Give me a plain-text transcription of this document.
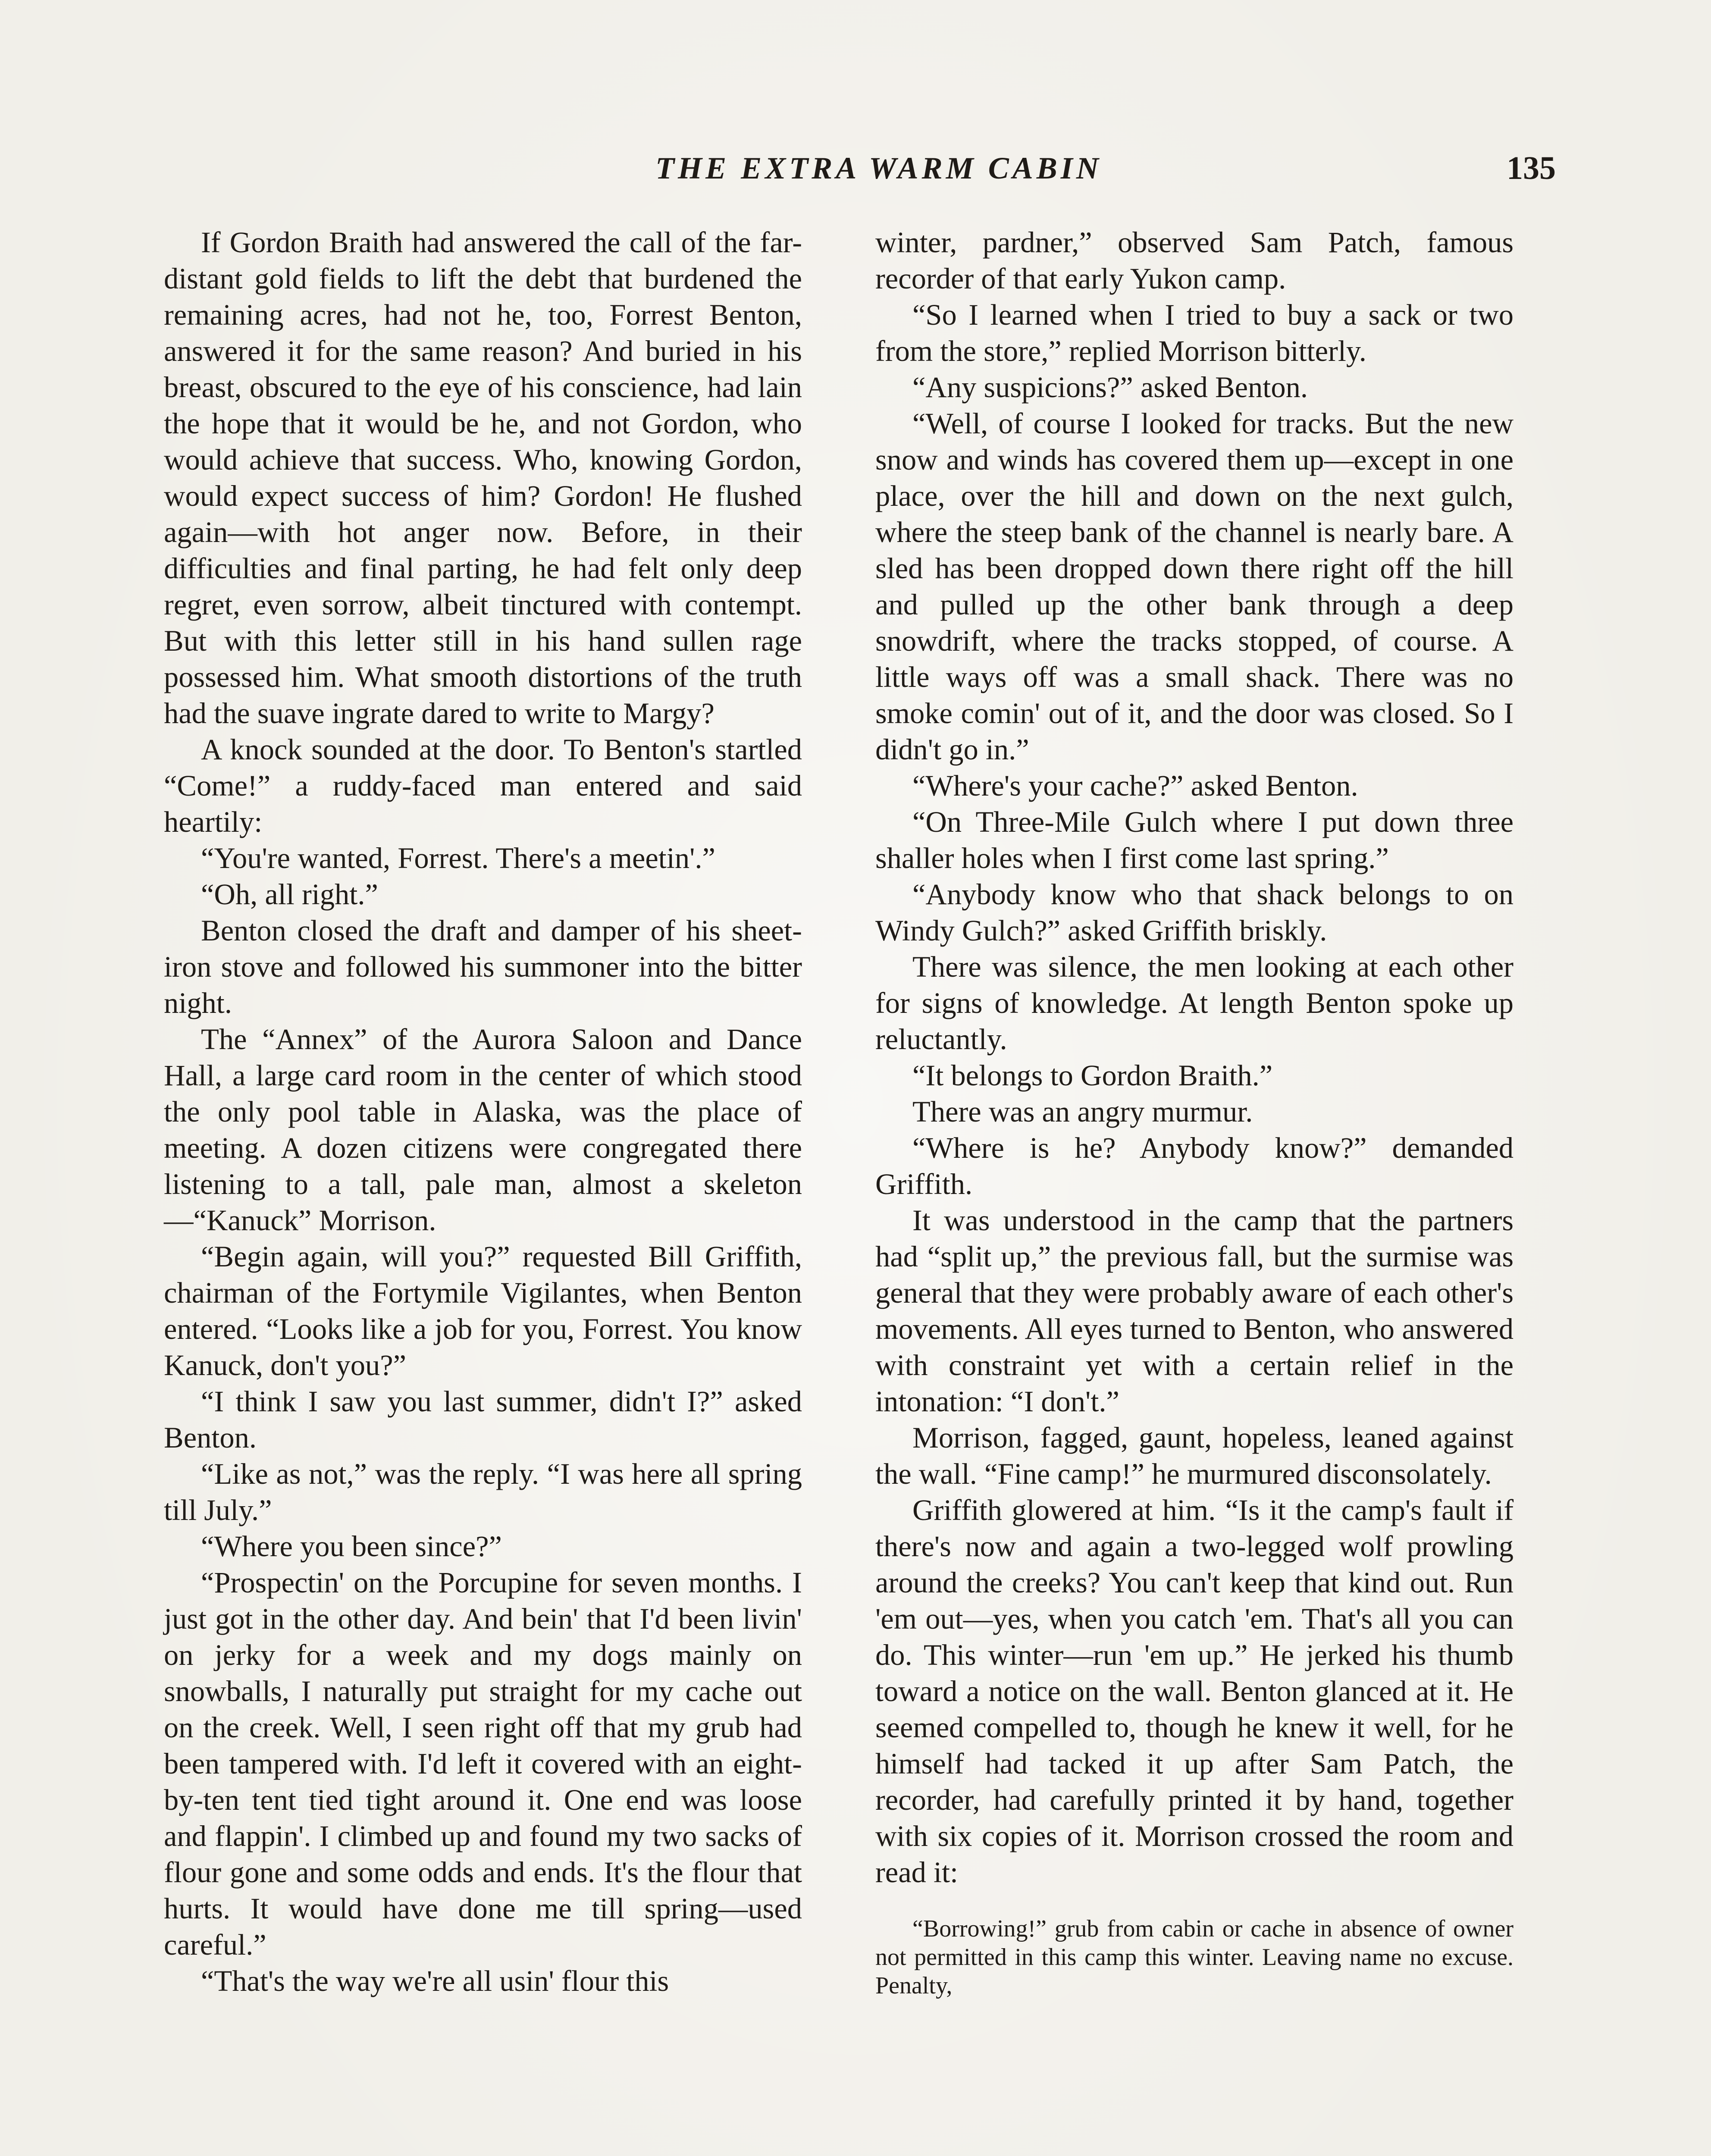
THE EXTRA WARM CABIN	135

If Gordon Braith had answered the call of the far-distant gold fields to lift the debt that burdened the remaining acres, had not he, too, Forrest Benton, answered it for the same reason? And buried in his breast, obscured to the eye of his conscience, had lain the hope that it would be he, and not Gordon, who would achieve that success. Who, knowing Gordon, would expect success of him? Gordon! He flushed again—with hot anger now. Before, in their difficulties and final parting, he had felt only deep regret, even sorrow, albeit tinctured with contempt. But with this letter still in his hand sullen rage possessed him. What smooth distortions of the truth had the suave ingrate dared to write to Margy?

A knock sounded at the door. To Benton's startled “Come!” a ruddy-faced man entered and said heartily:

“You're wanted, Forrest. There's a meetin'.”

“Oh, all right.”

Benton closed the draft and damper of his sheet-iron stove and followed his summoner into the bitter night.

The “Annex” of the Aurora Saloon and Dance Hall, a large card room in the center of which stood the only pool table in Alaska, was the place of meeting. A dozen citizens were congregated there listening to a tall, pale man, almost a skeleton—“Kanuck” Morrison.

“Begin again, will you?” requested Bill Griffith, chairman of the Fortymile Vigilantes, when Benton entered. “Looks like a job for you, Forrest. You know Kanuck, don't you?”

“I think I saw you last summer, didn't I?” asked Benton.

“Like as not,” was the reply. “I was here all spring till July.”

“Where you been since?”

“Prospectin' on the Porcupine for seven months. I just got in the other day. And bein' that I'd been livin' on jerky for a week and my dogs mainly on snowballs, I naturally put straight for my cache out on the creek. Well, I seen right off that my grub had been tampered with. I'd left it covered with an eight-by-ten tent tied tight around it. One end was loose and flappin'. I climbed up and found my two sacks of flour gone and some odds and ends. It's the flour that hurts. It would have done me till spring—used careful.”

“That's the way we're all usin' flour this

winter, pardner,” observed Sam Patch, famous recorder of that early Yukon camp.

“So I learned when I tried to buy a sack or two from the store,” replied Morrison bitterly.

“Any suspicions?” asked Benton.

“Well, of course I looked for tracks. But the new snow and winds has covered them up—except in one place, over the hill and down on the next gulch, where the steep bank of the channel is nearly bare. A sled has been dropped down there right off the hill and pulled up the other bank through a deep snowdrift, where the tracks stopped, of course. A little ways off was a small shack. There was no smoke comin' out of it, and the door was closed. So I didn't go in.”

“Where's your cache?” asked Benton.

“On Three-Mile Gulch where I put down three shaller holes when I first come last spring.”

“Anybody know who that shack belongs to on Windy Gulch?” asked Griffith briskly.

There was silence, the men looking at each other for signs of knowledge. At length Benton spoke up reluctantly.

“It belongs to Gordon Braith.”

There was an angry murmur.

“Where is he? Anybody know?” demanded Griffith.

It was understood in the camp that the partners had “split up,” the previous fall, but the surmise was general that they were probably aware of each other's movements. All eyes turned to Benton, who answered with constraint yet with a certain relief in the intonation: “I don't.”

Morrison, fagged, gaunt, hopeless, leaned against the wall. “Fine camp!” he murmured disconsolately.

Griffith glowered at him. “Is it the camp's fault if there's now and again a two-legged wolf prowling around the creeks? You can't keep that kind out. Run 'em out—yes, when you catch 'em. That's all you can do. This winter—run 'em up.” He jerked his thumb toward a notice on the wall. Benton glanced at it. He seemed compelled to, though he knew it well, for he himself had tacked it up after Sam Patch, the recorder, had carefully printed it by hand, together with six copies of it. Morrison crossed the room and read it:

“Borrowing!” grub from cabin or cache in absence of owner not permitted in this camp this winter. Leaving name no excuse. Penalty,
